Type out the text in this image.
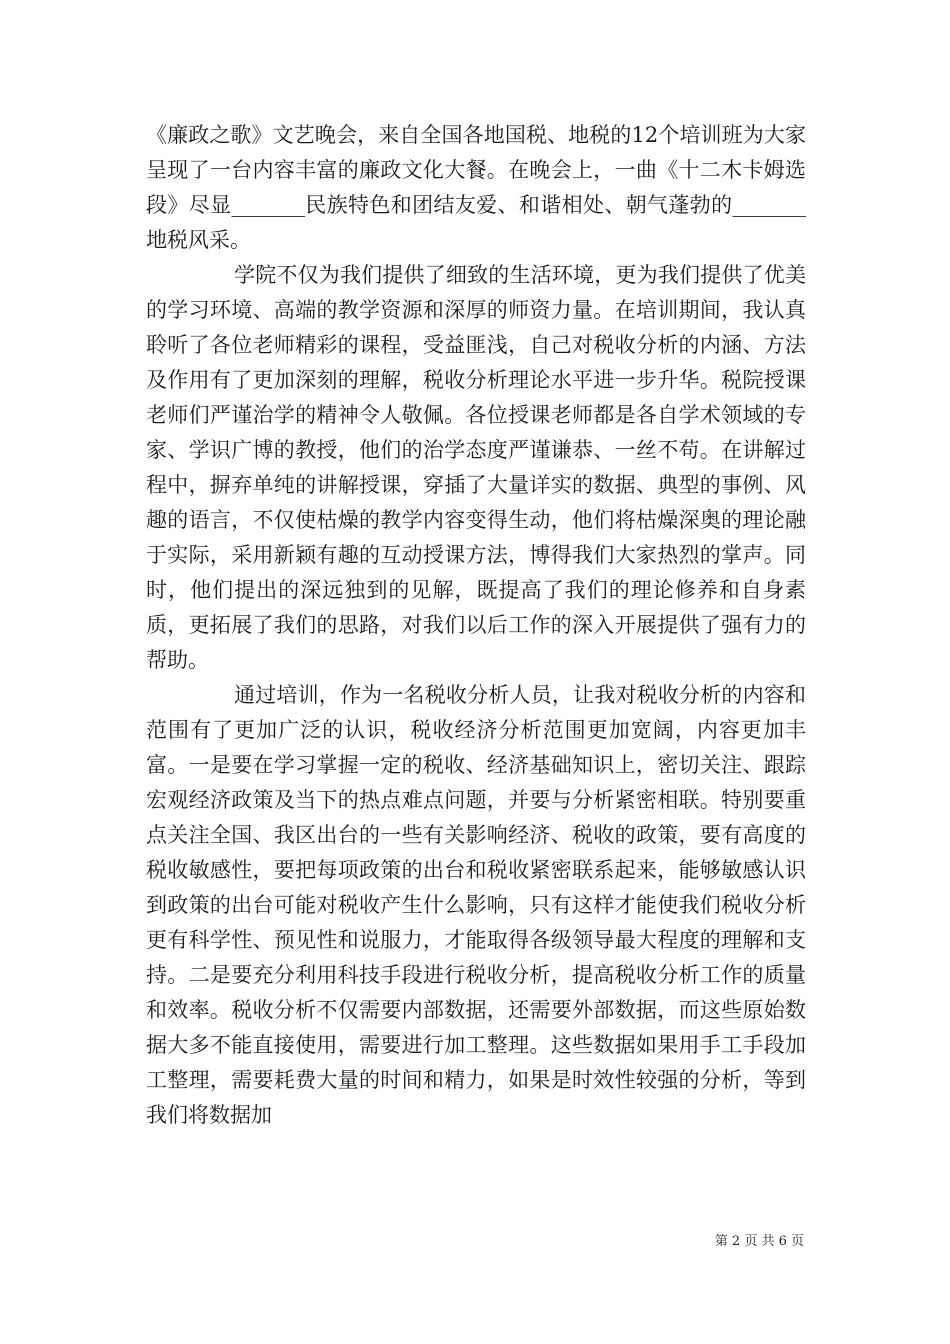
《廉政之歌》文艺晚会，来自全国各地国税、地税的12个培训班为大家呈现了一台内容丰富的廉政文化大餐。在晚会上，一曲《十二木卡姆选段》尽显_______民族特色和团结友爱、和谐相处、朝气蓬勃的_______地税风采。

学院不仅为我们提供了细致的生活环境，更为我们提供了优美的学习环境、高端的教学资源和深厚的师资力量。在培训期间，我认真聆听了各位老师精彩的课程，受益匪浅，自己对税收分析的内涵、方法及作用有了更加深刻的理解，税收分析理论水平进一步升华。税院授课老师们严谨治学的精神令人敬佩。各位授课老师都是各自学术领域的专家、学识广博的教授，他们的治学态度严谨谦恭、一丝不苟。在讲解过程中，摒弃单纯的讲解授课，穿插了大量详实的数据、典型的事例、风趣的语言，不仅使枯燥的教学内容变得生动，他们将枯燥深奥的理论融于实际，采用新颖有趣的互动授课方法，博得我们大家热烈的掌声。同时，他们提出的深远独到的见解，既提高了我们的理论修养和自身素质，更拓展了我们的思路，对我们以后工作的深入开展提供了强有力的帮助。

通过培训，作为一名税收分析人员，让我对税收分析的内容和范围有了更加广泛的认识，税收经济分析范围更加宽阔，内容更加丰富。一是要在学习掌握一定的税收、经济基础知识上，密切关注、跟踪宏观经济政策及当下的热点难点问题，并要与分析紧密相联。特别要重点关注全国、我区出台的一些有关影响经济、税收的政策，要有高度的税收敏感性，要把每项政策的出台和税收紧密联系起来，能够敏感认识到政策的出台可能对税收产生什么影响，只有这样才能使我们税收分析更有科学性、预见性和说服力，才能取得各级领导最大程度的理解和支持。二是要充分利用科技手段进行税收分析，提高税收分析工作的质量和效率。税收分析不仅需要内部数据，还需要外部数据，而这些原始数据大多不能直接使用，需要进行加工整理。这些数据如果用手工手段加工整理，需要耗费大量的时间和精力，如果是时效性较强的分析，等到我们将数据加

第 2 页 共 6 页
